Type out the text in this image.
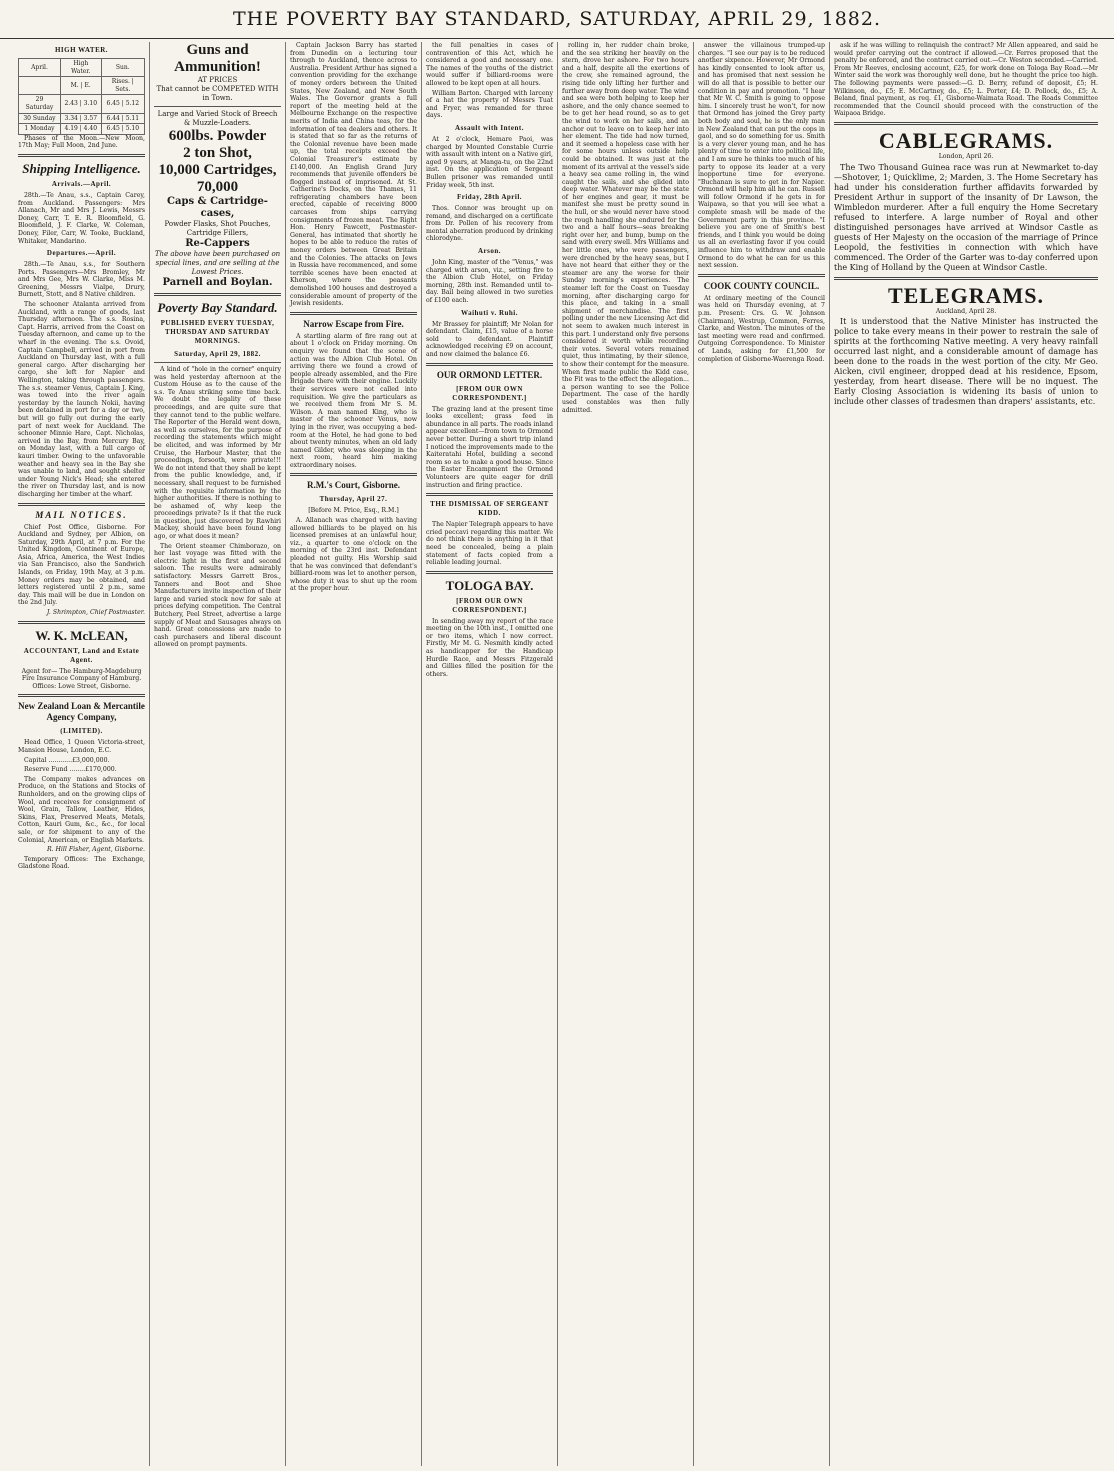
THE POVERTY BAY STANDARD, SATURDAY, APRIL 29, 1882.
HIGH WATER.
April.	High Water.	Sun.
	M. | E.	Rises. | Sets.
29 Saturday	2.43 | 3.10	6.45 | 5.12
30 Sunday	3.34 | 3.57	6.44 | 5.11
1 Monday	4.19 | 4.40	6.45 | 5.10

Phases of the Moon.—New Moon, 17th May; Full Moon, 2nd June.

Shipping Intelligence.
Arrivals.—April.

28th.—Te Anau, s.s., Captain Carey, from Auckland. Passengers: Mrs Allanach, Mr and Mrs J. Lewis, Messrs Doney, Carr, T. E. R. Bloomfield, G. Bloomfield, J. F. Clarke, W. Coleman, Doney, Filer, Carr, W. Tooke, Buckland, Whitaker, Mandarino.

Departures.—April.

28th.—Te Anau, s.s., for Southern Ports. Passengers—Mrs Bromley, Mr and Mrs Gee, Mrs W. Clarke, Miss M. Greening, Messrs Vialpe, Drury, Burnett, Stott, and 8 Native children.

The schooner Atalanta arrived from Auckland, with a range of goods, last Thursday afternoon. The s.s. Rosina, Capt. Harris, arrived from the Coast on Tuesday afternoon, and came up to the wharf in the evening. The s.s. Ovoid, Captain Campbell, arrived in port from Auckland on Thursday last, with a full general cargo. After discharging her cargo, she left for Napier and Wellington, taking through passengers. The s.s. steamer Venus, Captain J. King, was towed into the river again yesterday by the launch Nokii, having been detained in port for a day or two, but will go fully out during the early part of next week for Auckland. The schooner Minnie Hare, Capt. Nicholas, arrived in the Bay, from Mercury Bay, on Monday last, with a full cargo of kauri timber. Owing to the unfavorable weather and heavy sea in the Bay she was unable to land, and sought shelter under Young Nick's Head; she entered the river on Thursday last, and is now discharging her timber at the wharf.

MAIL NOTICES.

Chief Post Office, Gisborne. For Auckland and Sydney, per Albion, on Saturday, 29th April, at 7 p.m. For the United Kingdom, Continent of Europe, Asia, Africa, America, the West Indies via San Francisco, also the Sandwich Islands, on Friday, 19th May, at 3 p.m. Money orders may be obtained, and letters registered until 2 p.m., same day. This mail will be due in London on the 2nd July.

J. Shrimpton, Chief Postmaster.

W. K. McLEAN,
ACCOUNTANT, Land and Estate Agent.

Agent for— The Hamburg-Magdeburg Fire Insurance Company of Hamburg. Offices: Lowe Street, Gisborne.

New Zealand Loan & Mercantile Agency Company,
(LIMITED).

Head Office, 1 Queen Victoria-street, Mansion House, London, E.C.

Capital ............£3,000,000.

Reserve Fund ........£170,000.

The Company makes advances on Produce, on the Stations and Stocks of Runholders, and on the growing clips of Wool, and receives for consignment of Wool, Grain, Tallow, Leather, Hides, Skins, Flax, Preserved Meats, Metals, Cotton, Kauri Gum, &c., &c., for local sale, or for shipment to any of the Colonial, American, or English Markets.

R. Hill Fisher, Agent, Gisborne.

Temporary Offices: The Exchange, Gladstone Road.

Guns and Ammunition!
AT PRICES
That cannot be COMPETED WITH in Town.
Large and Varied Stock of Breech & Muzzle-Loaders.
600lbs. Powder
2 ton Shot,
10,000 Cartridges,
70,000
Caps & Cartridge-cases,
Powder Flasks, Shot Pouches, Cartridge Fillers,
Re-Cappers
The above have been purchased on special lines, and are selling at the Lowest Prices.
Parnell and Boylan.
Poverty Bay Standard.
PUBLISHED EVERY TUESDAY, THURSDAY AND SATURDAY MORNINGS.
Saturday, April 29, 1882.

A kind of "hole in the corner" enquiry was held yesterday afternoon at the Custom House as to the cause of the s.s. Te Anau striking some time back. We doubt the legality of these proceedings, and are quite sure that they cannot tend to the public welfare. The Reporter of the Herald went down, as well as ourselves, for the purpose of recording the statements which might be elicited, and was informed by Mr Cruise, the Harbour Master, that the proceedings, forsooth, were private!!! We do not intend that they shall be kept from the public knowledge, and, if necessary, shall request to be furnished with the requisite information by the higher authorities. If there is nothing to be ashamed of, why keep the proceedings private? Is it that the ruck in question, just discovered by Rawhiri Mackey, should have been found long ago, or what does it mean?

The Orient steamer Chimborazo, on her last voyage was fitted with the electric light in the first and second saloon. The results were admirably satisfactory. Messrs Garrett Bros., Tanners and Boot and Shoe Manufacturers invite inspection of their large and varied stock now for sale at prices defying competition. The Central Butchery, Peel Street, advertise a large supply of Meat and Sausages always on hand. Great concessions are made to cash purchasers and liberal discount allowed on prompt payments.

Captain Jackson Barry has started from Dunedin on a lecturing tour through to Auckland, thence across to Australia. President Arthur has signed a convention providing for the exchange of money orders between the United States, New Zealand, and New South Wales. The Governor grants a full report of the meeting held at the Melbourne Exchange on the respective merits of India and China teas, for the information of tea dealers and others. It is stated that so far as the returns of the Colonial revenue have been made up, the total receipts exceed the Colonial Treasurer's estimate by £140,000. An English Grand Jury recommends that juvenile offenders be flogged instead of imprisoned. At St. Catherine's Docks, on the Thames, 11 refrigerating chambers have been erected, capable of receiving 8000 carcases from ships carrying consignments of frozen meat. The Right Hon. Henry Fawcett, Postmaster-General, has intimated that shortly he hopes to be able to reduce the rates of money orders between Great Britain and the Colonies. The attacks on Jews in Russia have recommenced, and some terrible scenes have been enacted at Kherson, where the peasants demolished 100 houses and destroyed a considerable amount of property of the Jewish residents.

Narrow Escape from Fire.

A startling alarm of fire rang out at about 1 o'clock on Friday morning. On enquiry we found that the scene of action was the Albion Club Hotel. On arriving there we found a crowd of people already assembled, and the Fire Brigade there with their engine. Luckily their services were not called into requisition. We give the particulars as we received them from Mr S. M. Wilson. A man named King, who is master of the schooner Venus, now lying in the river, was occupying a bed-room at the Hotel, he had gone to bed about twenty minutes, when an old lady named Gilder, who was sleeping in the next room, heard him making extraordinary noises.

R.M.'s Court, Gisborne.
Thursday, April 27.

[Before M. Price, Esq., R.M.]

A. Allanach was charged with having allowed billiards to be played on his licensed premises at an unlawful hour, viz., a quarter to one o'clock on the morning of the 23rd inst. Defendant pleaded not guilty. His Worship said that he was convinced that defendant's billiard-room was let to another person, whose duty it was to shut up the room at the proper hour.

the full penalties in cases of contravention of this Act, which he considered a good and necessary one. The names of the youths of the district would suffer if billiard-rooms were allowed to be kept open at all hours.

William Barton. Charged with larceny of a hat the property of Messrs Tuat and Fryer, was remanded for three days.

Assault with Intent.

At 2 o'clock, Hemare Paoi, was charged by Mounted Constable Currie with assault with intent on a Native girl, aged 9 years, at Manga-tu, on the 22nd inst. On the application of Sergeant Bullen prisoner was remanded until Friday week, 5th inst.

Friday, 28th April.

Thos. Connor was brought up on remand, and discharged on a certificate from Dr. Pollen of his recovery from mental aberration produced by drinking chlorodyne.

Arson.

John King, master of the "Venus," was charged with arson, viz., setting fire to the Albion Club Hotel, on Friday morning, 28th inst. Remanded until to-day. Bail being allowed in two sureties of £100 each.

Waihuti v. Ruhi.

Mr Brassey for plaintiff; Mr Nolan for defendant. Claim, £15, value of a horse sold to defendant. Plaintiff acknowledged receiving £9 on account, and now claimed the balance £6.

OUR ORMOND LETTER.
[FROM OUR OWN CORRESPONDENT.]

The grazing land at the present time looks excellent; grass feed in abundance in all parts. The roads inland appear excellent—from town to Ormond never better. During a short trip inland I noticed the improvements made to the Kaiteratahi Hotel, building a second room so as to make a good house. Since the Easter Encampment the Ormond Volunteers are quite eager for drill instruction and firing practice.

THE DISMISSAL OF SERGEANT KIDD.

The Napier Telegraph appears to have cried peccavi regarding this matter. We do not think there is anything in it that need be concealed, being a plain statement of facts copied from a reliable leading journal.

TOLOGA BAY.
[FROM OUR OWN CORRESPONDENT.]

In sending away my report of the race meeting on the 10th inst., I omitted one or two items, which I now correct. Firstly, Mr M. G. Nesmith kindly acted as handicapper for the Handicap Hurdle Race, and Messrs Fitzgerald and Gillies filled the position for the others.

rolling in, her rudder chain broke, and the sea striking her heavily on the stern, drove her ashore. For two hours and a half, despite all the exertions of the crew, she remained aground, the rising tide only lifting her further and further away from deep water. The wind and sea were both helping to keep her ashore, and the only chance seemed to be to get her head round, so as to get the wind to work on her sails, and an anchor out to leave on to keep her into her element. The tide had now turned, and it seemed a hopeless case with her for some hours unless outside help could be obtained. It was just at the moment of its arrival at the vessel's side a heavy sea came rolling in, the wind caught the sails, and she glided into deep water. Whatever may be the state of her engines and gear, it must be manifest she must be pretty sound in the hull, or she would never have stood the rough handling she endured for the two and a half hours—seas breaking right over her, and bump, bump on the sand with every swell. Mrs Williams and her little ones, who were passengers, were drenched by the heavy seas, but I have not heard that either they or the steamer are any the worse for their Sunday morning's experiences. The steamer left for the Coast on Tuesday morning, after discharging cargo for this place, and taking in a small shipment of merchandise. The first polling under the new Licensing Act did not seem to awaken much interest in this part. I understand only five persons considered it worth while recording their votes. Several voters remained quiet, thus intimating, by their silence, to show their contempt for the measure. When first made public the Kidd case, the Fit was to the effect the allegation... a person wanting to see the Police Department. The case of the hardly used constables was then fully admitted.

answer the villainous trumped-up charges. "I see our pay is to be reduced another sixpence. However, Mr Ormond has kindly consented to look after us, and has promised that next session he will do all that is possible to better our condition in pay and promotion. "I hear that Mr W. C. Smith is going to oppose him. I sincerely trust he won't, for now that Ormond has joined the Grey party both body and soul, he is the only man in New Zealand that can put the cops in gaol, and so do something for us. Smith is a very clever young man, and he has plenty of time to enter into political life, and I am sure he thinks too much of his party to oppose its leader at a very inopportune time for everyone. "Buchanan is sure to get in for Napier. Ormond will help him all he can. Russell will follow Ormond if he gets in for Waipawa, so that you will see what a complete smash will be made of the Government party in this province. "I believe you are one of Smith's best friends, and I think you would be doing us all an everlasting favor if you could influence him to withdraw and enable Ormond to do what he can for us this next session.

COOK COUNTY COUNCIL.

At ordinary meeting of the Council was held on Thursday evening, at 7 p.m. Present: Crs. G. W. Johnson (Chairman), Westrup, Common, Ferres, Clarke, and Weston. The minutes of the last meeting were read and confirmed. Outgoing Correspondence. To Minister of Lands, asking for £1,500 for completion of Gisborne-Waerenga Road.

ask if he was willing to relinquish the contract? Mr Allen appeared, and said he would prefer carrying out the contract if allowed.—Cr. Ferres proposed that the penalty be enforced, and the contract carried out.—Cr. Weston seconded.—Carried. From Mr Reeves, enclosing account, £25, for work done on Tologa Bay Road.—Mr Winter said the work was thoroughly well done, but he thought the price too high. The following payments were passed:—G. D. Berry, refund of deposit, £5; H. Wilkinson, do., £5; E. McCartney, do., £5; L. Porter, £4; D. Pollock, do., £5; A. Beland, final payment, as req. £1, Gisborne-Waimata Road. The Roads Committee recommended that the Council should proceed with the construction of the Waipaoa Bridge.

CABLEGRAMS.

London, April 26.

The Two Thousand Guinea race was run at Newmarket to-day—Shotover, 1; Quicklime, 2; Marden, 3. The Home Secretary has had under his consideration further affidavits forwarded by President Arthur in support of the insanity of Dr Lawson, the Wimbledon murderer. After a full enquiry the Home Secretary refused to interfere. A large number of Royal and other distinguished personages have arrived at Windsor Castle as guests of Her Majesty on the occasion of the marriage of Prince Leopold, the festivities in connection with which have commenced. The Order of the Garter was to-day conferred upon the King of Holland by the Queen at Windsor Castle.

TELEGRAMS.

Auckland, April 28.

It is understood that the Native Minister has instructed the police to take every means in their power to restrain the sale of spirits at the forthcoming Native meeting. A very heavy rainfall occurred last night, and a considerable amount of damage has been done to the roads in the west portion of the city. Mr Geo. Aicken, civil engineer, dropped dead at his residence, Epsom, yesterday, from heart disease. There will be no inquest. The Early Closing Association is widening its basis of union to include other classes of tradesmen than drapers' assistants, etc.
